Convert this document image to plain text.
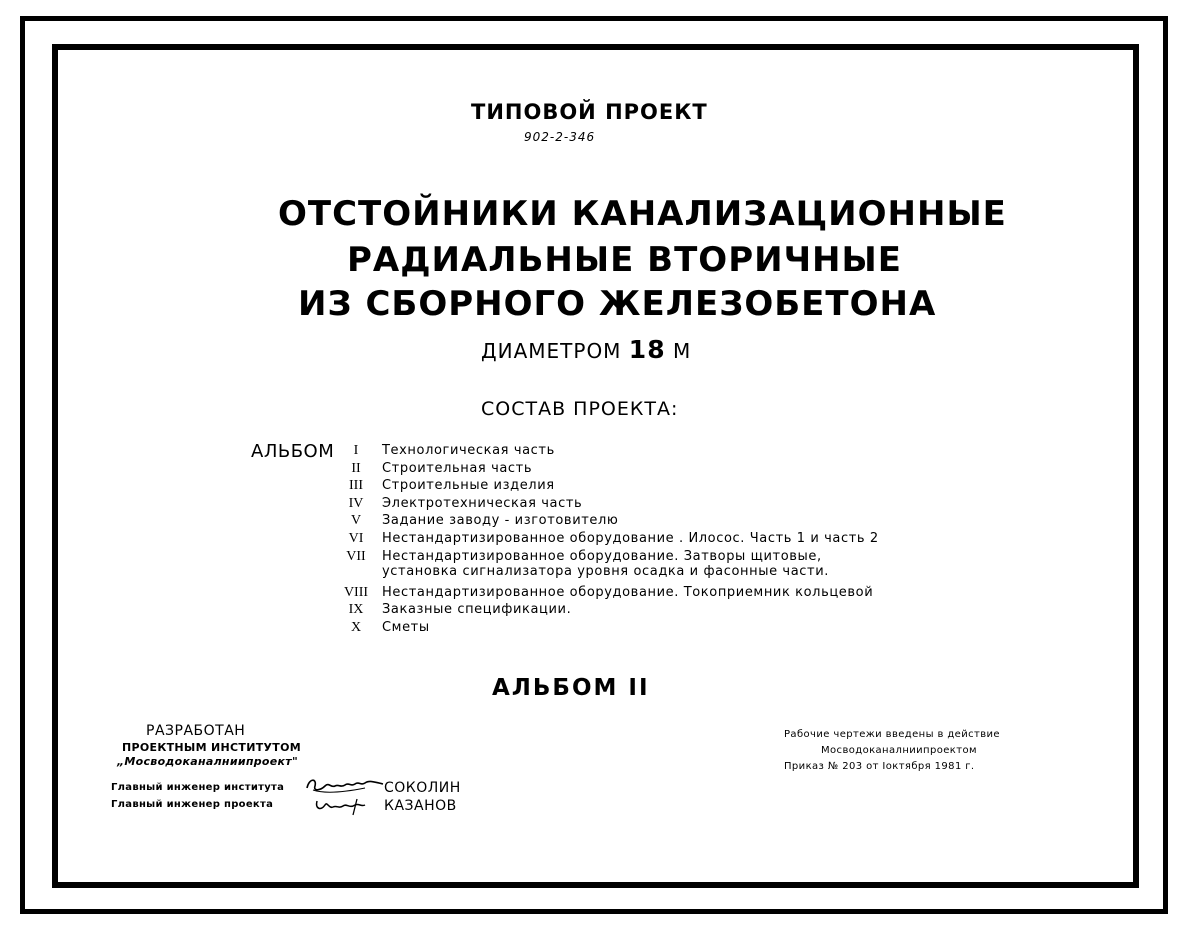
ТИПОВОЙ ПРОЕКТ
902-2-346
ОТСТОЙНИКИ КАНАЛИЗАЦИОННЫЕ
РАДИАЛЬНЫЕ ВТОРИЧНЫЕ
ИЗ СБОРНОГО ЖЕЛЕЗОБЕТОНА
ДИАМЕТРОМ 18 М
СОСТАВ ПРОЕКТА:
АЛЬБОМ	I	Технологическая часть
II	Строительная часть
III	Строительные изделия
IV	Электротехническая часть
V	Задание заводу - изготовителю
VI	Нестандартизированное оборудование . Илосос. Часть 1 и часть 2
VII	Нестандартизированное оборудование. Затворы щитовые,
установка сигнализатора уровня осадка и фасонные части.
VIII	Нестандартизированное оборудование. Токоприемник кольцевой
IX	Заказные спецификации.
X	Сметы
АЛЬБОМ II
РАЗРАБОТАН
ПРОЕКТНЫМ ИНСТИТУТОМ
„Мосводоканалниипроект"
Главный инженер института
Главный инженер проекта
СОКОЛИН
КАЗАНОВ
Рабочие чертежи введены в действие
Мосводоканалниипроектом
Приказ № 203 от Iоктября 1981 г.
